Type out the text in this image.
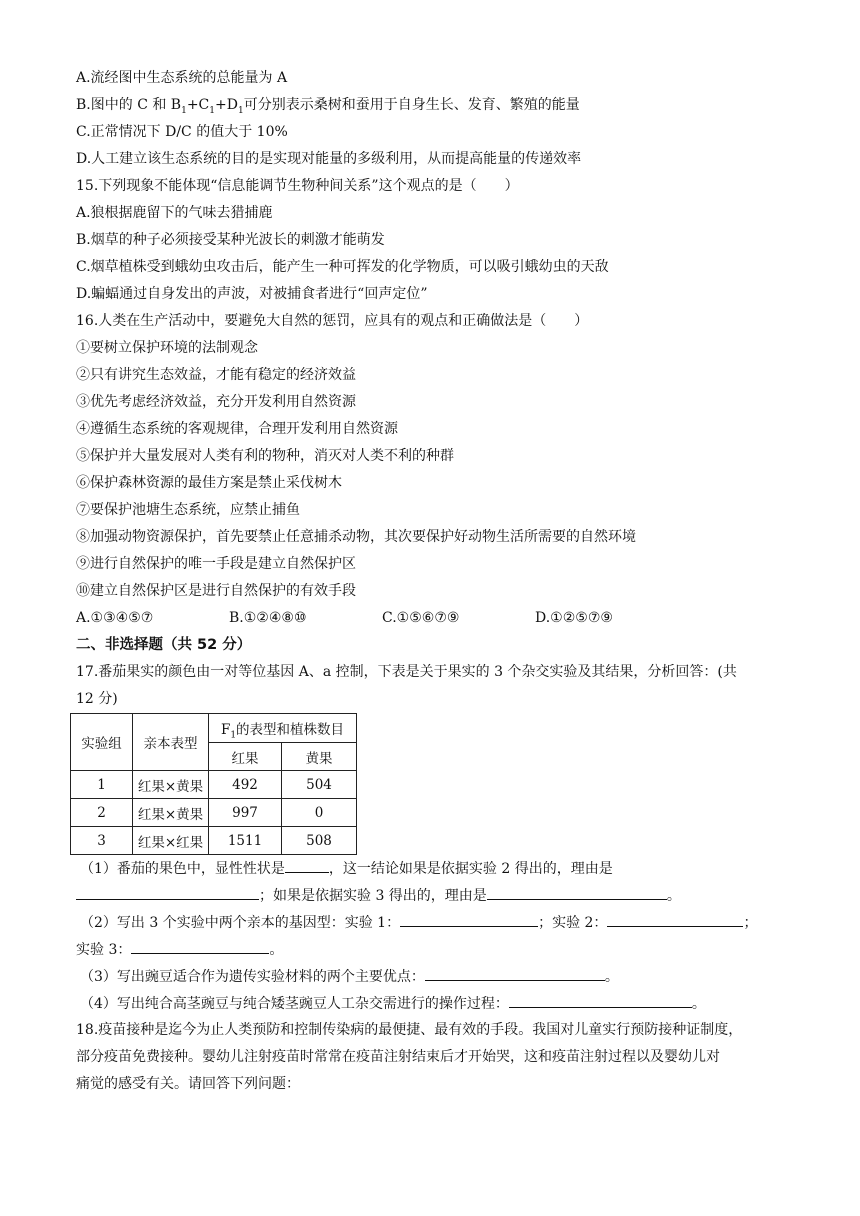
A.流经图中生态系统的总能量为 A
B.图中的 C 和 $B_1+C_1+D_1$可分别表示桑树和蚕用于自身生长、发育、繁殖的能量
C.正常情况下 D/C 的值大于 10%
D.人工建立该生态系统的目的是实现对能量的多级利用，从而提高能量的传递效率
15.下列现象不能体现“信息能调节生物种间关系”这个观点的是（　　）
A.狼根据鹿留下的气味去猎捕鹿
B.烟草的种子必须接受某种光波长的刺激才能萌发
C.烟草植株受到蛾幼虫攻击后，能产生一种可挥发的化学物质，可以吸引蛾幼虫的天敌
D.蝙蝠通过自身发出的声波，对被捕食者进行“回声定位”
16.人类在生产活动中，要避免大自然的惩罚，应具有的观点和正确做法是（　　）
①要树立保护环境的法制观念
②只有讲究生态效益，才能有稳定的经济效益
③优先考虑经济效益，充分开发利用自然资源
④遵循生态系统的客观规律，合理开发利用自然资源
⑤保护并大量发展对人类有利的物种，消灭对人类不利的种群
⑥保护森林资源的最佳方案是禁止采伐树木
⑦要保护池塘生态系统，应禁止捕鱼
⑧加强动物资源保护，首先要禁止任意捕杀动物，其次要保护好动物生活所需要的自然环境
⑨进行自然保护的唯一手段是建立自然保护区
⑩建立自然保护区是进行自然保护的有效手段
A.①③④⑤⑦	B.①②④⑧⑩	C.①⑤⑥⑦⑨	D.①②⑤⑦⑨
二、非选择题（共 52 分）
17.番茄果实的颜色由一对等位基因 A、a 控制，下表是关于果实的 3 个杂交实验及其结果，分析回答：(共
12 分)
实验组	亲本表型	$F_1$的表型和植株数目	
		红果	黄果
1	红果×黄果	492	504
2	红果×黄果	997	0
3	红果×红果	1511	508
（1）番茄的果色中，显性性状是	，这一结论如果是依据实验 2 得出的，理由是
；如果是依据实验 3 得出的，理由是	。
（2）写出 3 个实验中两个亲本的基因型：实验 1：	；实验 2：	；
实验 3：	。
（3）写出豌豆适合作为遗传实验材料的两个主要优点：	。
（4）写出纯合高茎豌豆与纯合矮茎豌豆人工杂交需进行的操作过程：	。
18.疫苗接种是迄今为止人类预防和控制传染病的最便捷、最有效的手段。我国对儿童实行预防接种证制度，
部分疫苗免费接种。婴幼儿注射疫苗时常常在疫苗注射结束后才开始哭，这和疫苗注射过程以及婴幼儿对
痛觉的感受有关。请回答下列问题：
